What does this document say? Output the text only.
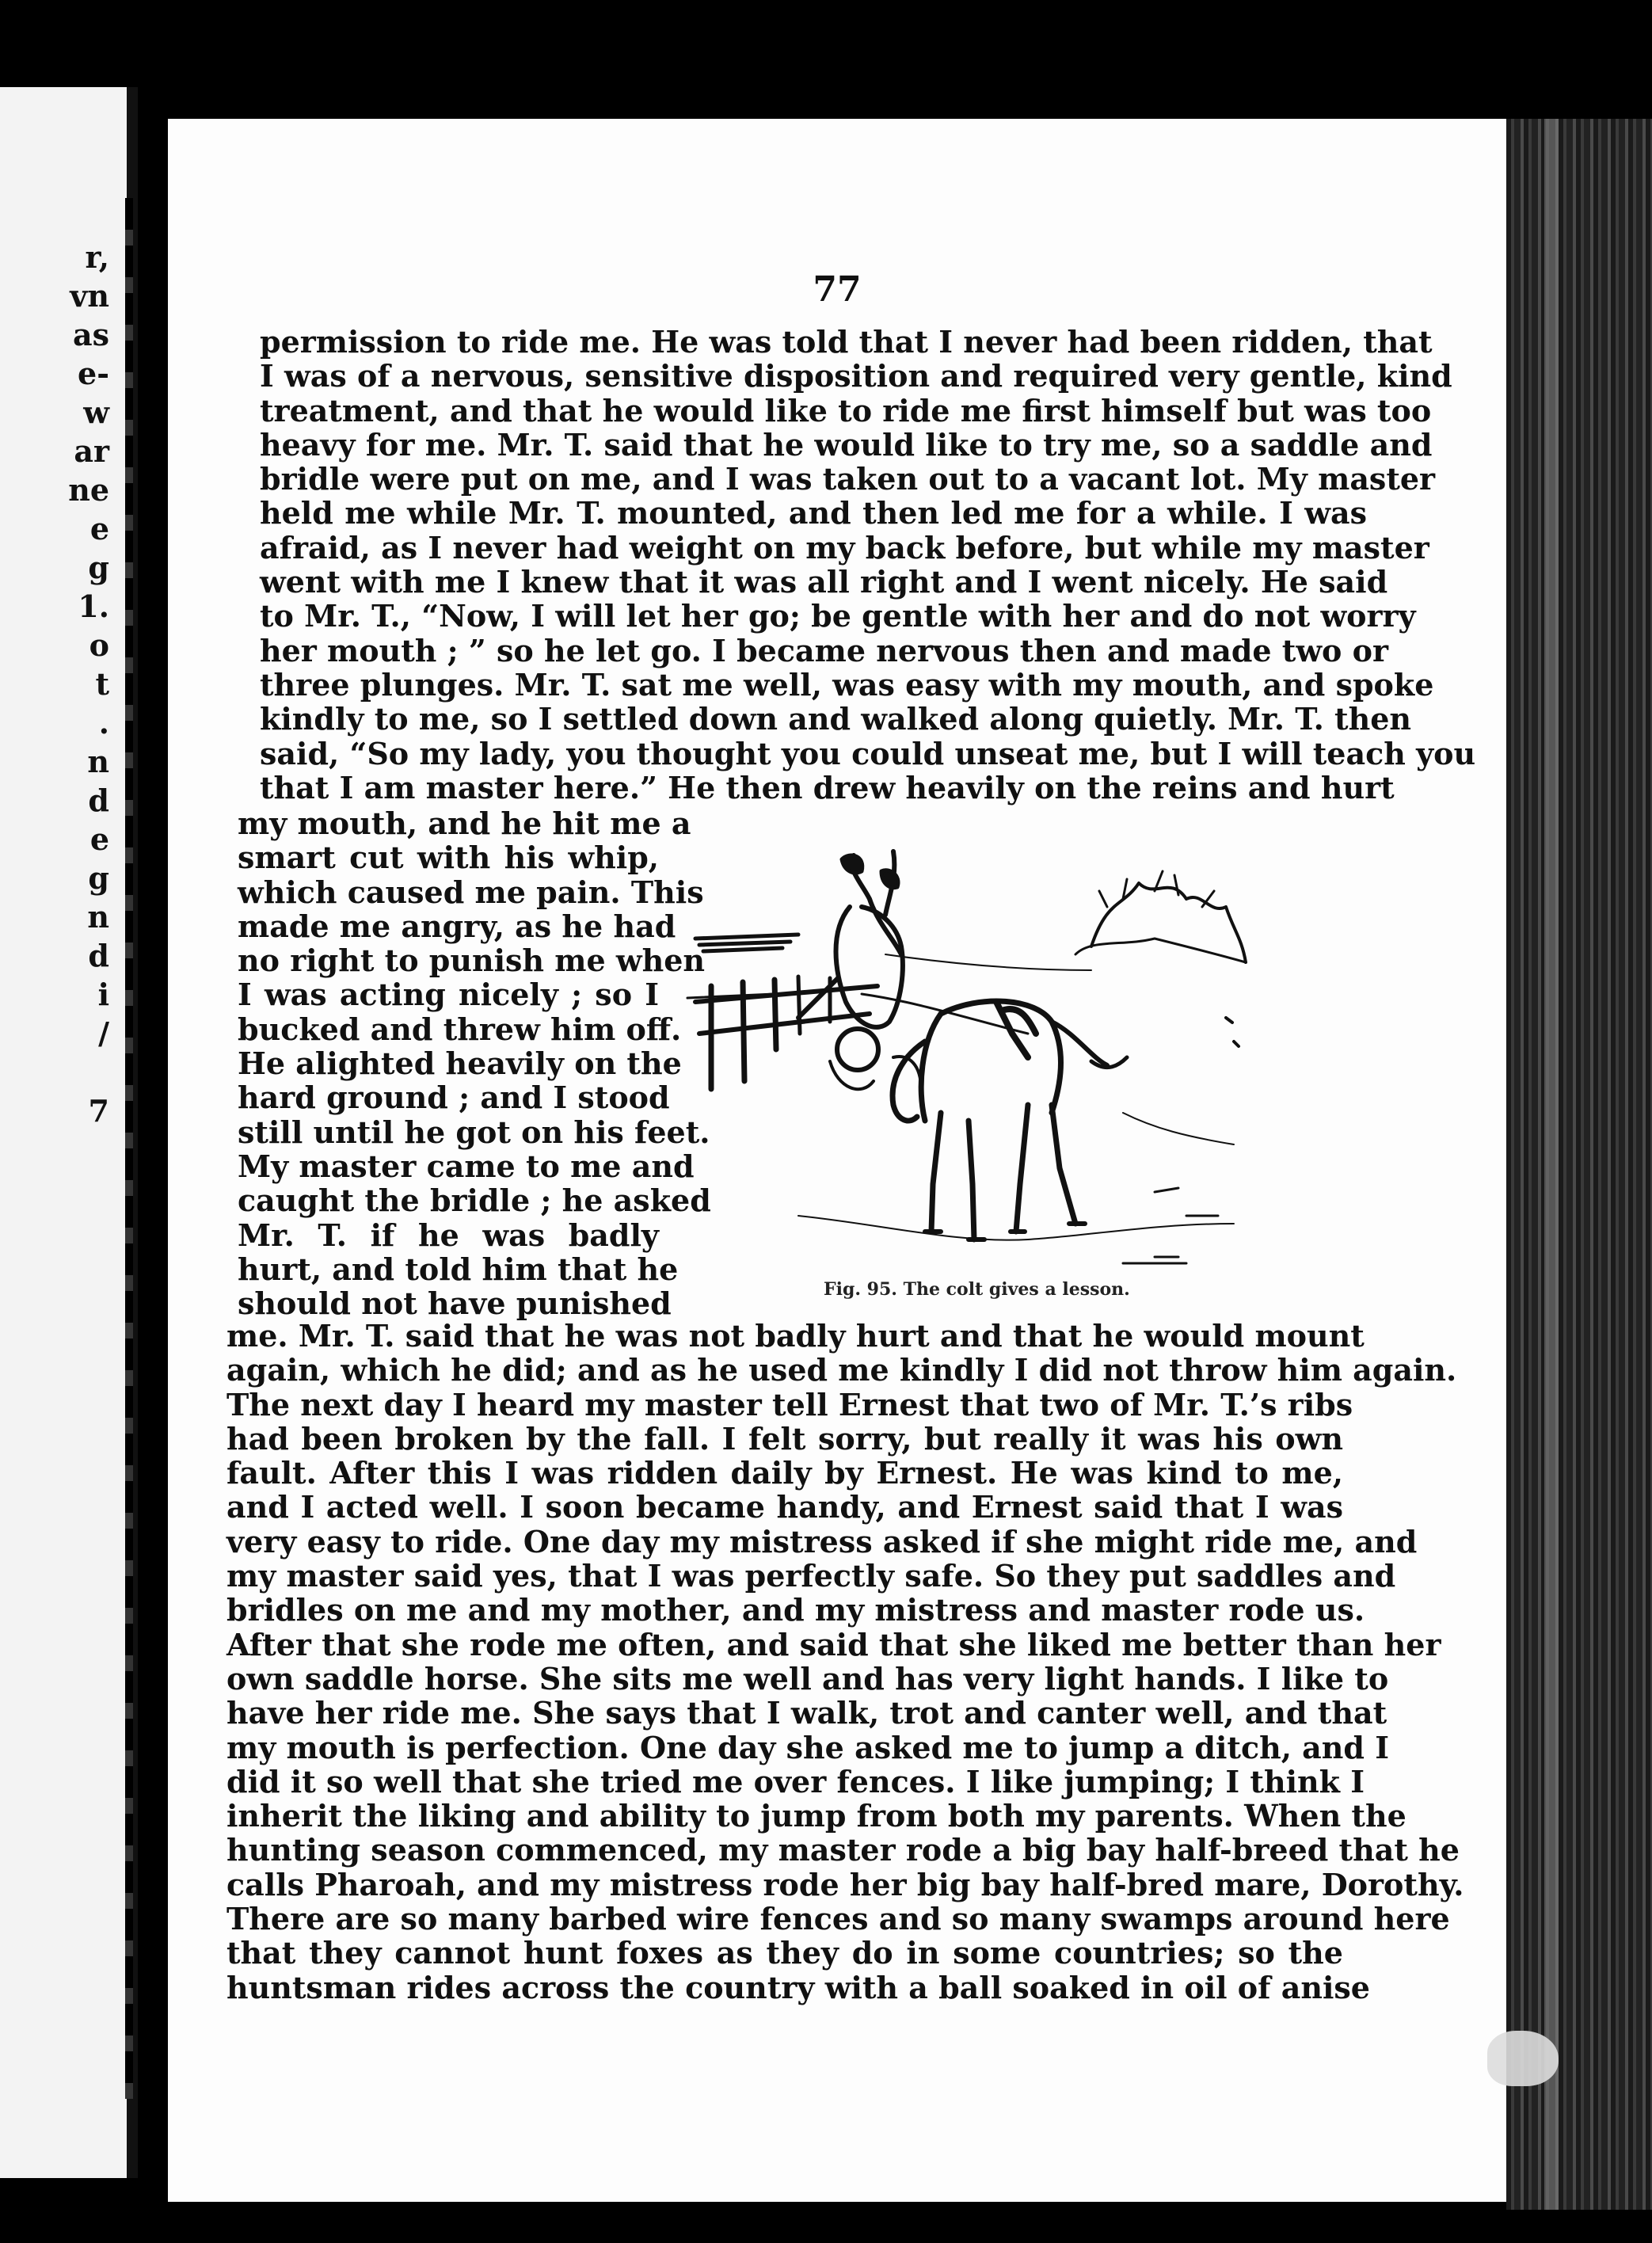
r,
vn
as
e-
w
ar
ne
e
g
1.
o
t
.
n
d
e
g
n
d
i
/
7
77
permission to ride me. He was told that I never had been ridden, that
I was of a nervous, sensitive disposition and required very gentle, kind
treatment, and that he would like to ride me first himself but was too
heavy for me. Mr. T. said that he would like to try me, so a saddle and
bridle were put on me, and I was taken out to a vacant lot. My master
held me while Mr. T. mounted, and then led me for a while. I was
afraid, as I never had weight on my back before, but while my master
went with me I knew that it was all right and I went nicely. He said
to Mr. T., “Now, I will let her go; be gentle with her and do not worry
her mouth ; ” so he let go. I became nervous then and made two or
three plunges. Mr. T. sat me well, was easy with my mouth, and spoke
kindly to me, so I settled down and walked along quietly. Mr. T. then
said, “So my lady, you thought you could unseat me, but I will teach you
that I am master here.” He then drew heavily on the reins and hurt
my mouth, and he hit me a
smart cut with his whip,
which caused me pain. This
made me angry, as he had
no right to punish me when
I was acting nicely ; so I
bucked and threw him off.
He alighted heavily on the
hard ground ; and I stood
still until he got on his feet.
My master came to me and
caught the bridle ; he asked
Mr. T. if he was badly
hurt, and told him that he
should not have punished
me. Mr. T. said that he was not badly hurt and that he would mount
again, which he did; and as he used me kindly I did not throw him again.
The next day I heard my master tell Ernest that two of Mr. T.’s ribs
had been broken by the fall. I felt sorry, but really it was his own
fault. After this I was ridden daily by Ernest. He was kind to me,
and I acted well. I soon became handy, and Ernest said that I was
very easy to ride. One day my mistress asked if she might ride me, and
my master said yes, that I was perfectly safe. So they put saddles and
bridles on me and my mother, and my mistress and master rode us.
After that she rode me often, and said that she liked me better than her
own saddle horse. She sits me well and has very light hands. I like to
have her ride me. She says that I walk, trot and canter well, and that
my mouth is perfection. One day she asked me to jump a ditch, and I
did it so well that she tried me over fences. I like jumping; I think I
inherit the liking and ability to jump from both my parents. When the
hunting season commenced, my master rode a big bay half-breed that he
calls Pharoah, and my mistress rode her big bay half-bred mare, Dorothy.
There are so many barbed wire fences and so many swamps around here
that they cannot hunt foxes as they do in some countries; so the
huntsman rides across the country with a ball soaked in oil of anise
Fig. 95. The colt gives a lesson.
